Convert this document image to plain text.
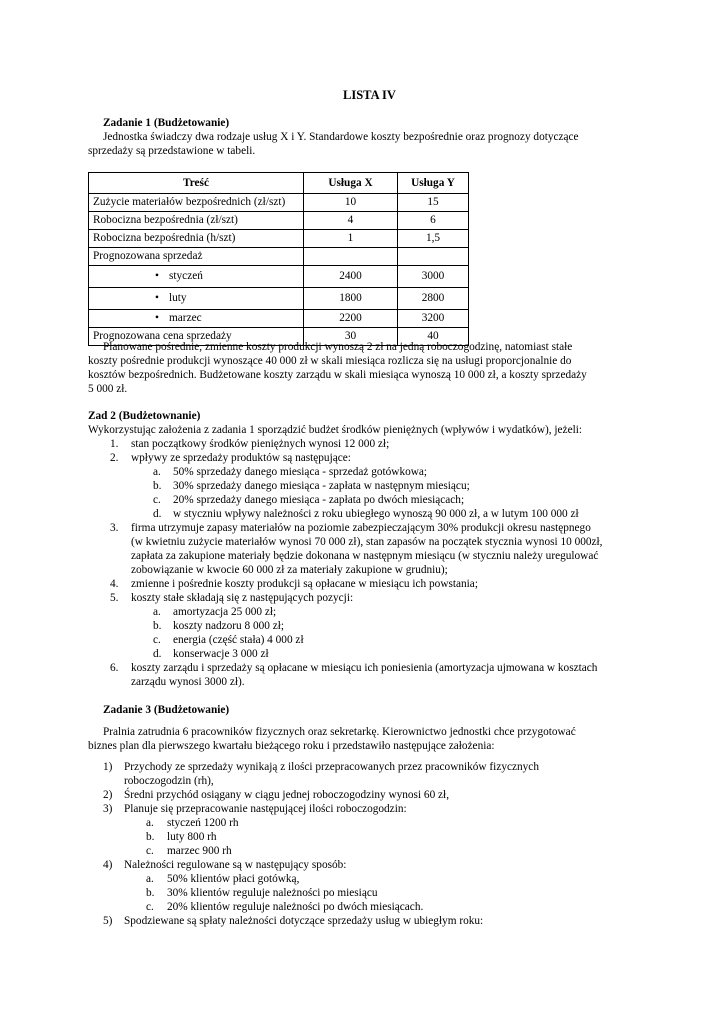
LISTA IV
Zadanie 1 (Budżetowanie)
Jednostka świadczy dwa rodzaje usług X i Y. Standardowe koszty bezpośrednie oraz prognozy dotyczące
sprzedaży są przedstawione w tabeli.
Treść	Usługa X	Usługa Y
Zużycie materiałów bezpośrednich (zł/szt)	10	15
Robocizna bezpośrednia (zł/szt)	4	6
Robocizna bezpośrednia (h/szt)	1	1,5
Prognozowana sprzedaż		
• styczeń	2400	3000
• luty	1800	2800
• marzec	2200	3200
Prognozowana cena sprzedaży	30	40
Planowane pośrednie, zmienne koszty produkcji wynoszą 2 zł na jedną roboczogodzinę, natomiast stałe
koszty pośrednie produkcji wynoszące 40 000 zł w skali miesiąca rozlicza się na usługi proporcjonalnie do
kosztów bezpośrednich. Budżetowane koszty zarządu w skali miesiąca wynoszą 10 000 zł, a koszty sprzedaży
5 000 zł.
Zad 2 (Budżetownanie)
Wykorzystując założenia z zadania 1 sporządzić budżet środków pieniężnych (wpływów i wydatków), jeżeli:
1. stan początkowy środków pieniężnych wynosi 12 000 zł;
2. wpływy ze sprzedaży produktów są następujące:
a. 50% sprzedaży danego miesiąca - sprzedaż gotówkowa;
b. 30% sprzedaży danego miesiąca - zapłata w następnym miesiącu;
c. 20% sprzedaży danego miesiąca - zapłata po dwóch miesiącach;
d. w styczniu wpływy należności z roku ubiegłego wynoszą 90 000 zł, a w lutym 100 000 zł
3. firma utrzymuje zapasy materiałów na poziomie zabezpieczającym 30% produkcji okresu następnego
(w kwietniu zużycie materiałów wynosi 70 000 zł), stan zapasów na początek stycznia wynosi 10 000zł,
zapłata za zakupione materiały będzie dokonana w następnym miesiącu (w styczniu należy uregulować
zobowiązanie w kwocie 60 000 zł za materiały zakupione w grudniu);
4. zmienne i pośrednie koszty produkcji są opłacane w miesiącu ich powstania;
5. koszty stałe składają się z następujących pozycji:
a. amortyzacja 25 000 zł;
b. koszty nadzoru 8 000 zł;
c. energia (część stała) 4 000 zł
d. konserwacje 3 000 zł
6. koszty zarządu i sprzedaży są opłacane w miesiącu ich poniesienia (amortyzacja ujmowana w kosztach
zarządu wynosi 3000 zł).
Zadanie 3 (Budżetowanie)
Pralnia zatrudnia 6 pracowników fizycznych oraz sekretarkę. Kierownictwo jednostki chce przygotować
biznes plan dla pierwszego kwartału bieżącego roku i przedstawiło następujące założenia:
1) Przychody ze sprzedaży wynikają z ilości przepracowanych przez pracowników fizycznych
roboczogodzin (rh),
2) Średni przychód osiągany w ciągu jednej roboczogodziny wynosi 60 zł,
3) Planuje się przepracowanie następującej ilości roboczogodzin:
a. styczeń 1200 rh
b. luty 800 rh
c. marzec 900 rh
4) Należności regulowane są w następujący sposób:
a. 50% klientów płaci gotówką,
b. 30% klientów reguluje należności po miesiącu
c. 20% klientów reguluje należności po dwóch miesiącach.
5) Spodziewane są spłaty należności dotyczące sprzedaży usług w ubiegłym roku:
